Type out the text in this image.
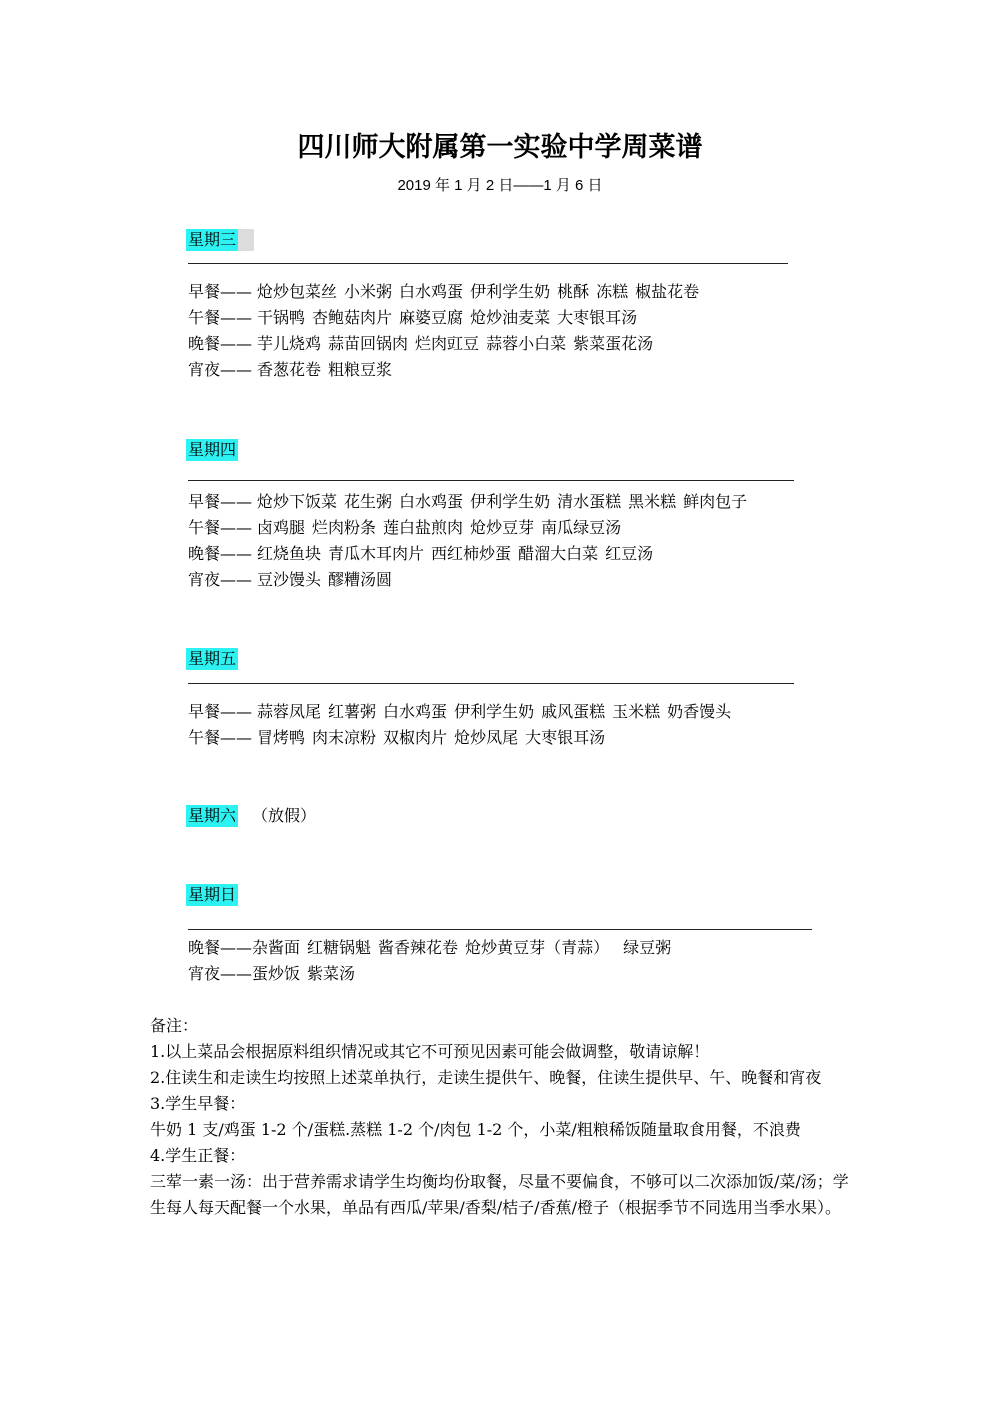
四川师大附属第一实验中学周菜谱
2019 年 1 月 2 日——1 月 6 日
星期三
早餐—— 炝炒包菜丝 小米粥 白水鸡蛋 伊利学生奶 桃酥 冻糕 椒盐花卷
午餐—— 干锅鸭 杏鲍菇肉片 麻婆豆腐 炝炒油麦菜 大枣银耳汤
晚餐—— 芋儿烧鸡 蒜苗回锅肉 烂肉豇豆 蒜蓉小白菜 紫菜蛋花汤
宵夜—— 香葱花卷 粗粮豆浆
星期四
早餐—— 炝炒下饭菜 花生粥 白水鸡蛋 伊利学生奶 清水蛋糕 黑米糕 鲜肉包子
午餐—— 卤鸡腿 烂肉粉条 莲白盐煎肉 炝炒豆芽 南瓜绿豆汤
晚餐—— 红烧鱼块 青瓜木耳肉片 西红柿炒蛋 醋溜大白菜 红豆汤
宵夜—— 豆沙馒头 醪糟汤圆
星期五
早餐—— 蒜蓉凤尾 红薯粥 白水鸡蛋 伊利学生奶 戚风蛋糕 玉米糕 奶香馒头
午餐—— 冒烤鸭 肉末凉粉 双椒肉片 炝炒凤尾 大枣银耳汤
星期六 （放假）
星期日
晚餐——杂酱面 红糖锅魁 酱香辣花卷 炝炒黄豆芽（青蒜） 绿豆粥
宵夜——蛋炒饭 紫菜汤

备注：

1.以上菜品会根据原料组织情况或其它不可预见因素可能会做调整，敬请谅解！

2.住读生和走读生均按照上述菜单执行，走读生提供午、晚餐，住读生提供早、午、晚餐和宵夜

3.学生早餐：

牛奶 1 支/鸡蛋 1-2 个/蛋糕.蒸糕 1-2 个/肉包 1-2 个，小菜/粗粮稀饭随量取食用餐，不浪费

4.学生正餐：

三荤一素一汤：出于营养需求请学生均衡均份取餐，尽量不要偏食，不够可以二次添加饭/菜/汤；学生每人每天配餐一个水果，单品有西瓜/苹果/香梨/桔子/香蕉/橙子（根据季节不同选用当季水果）。
